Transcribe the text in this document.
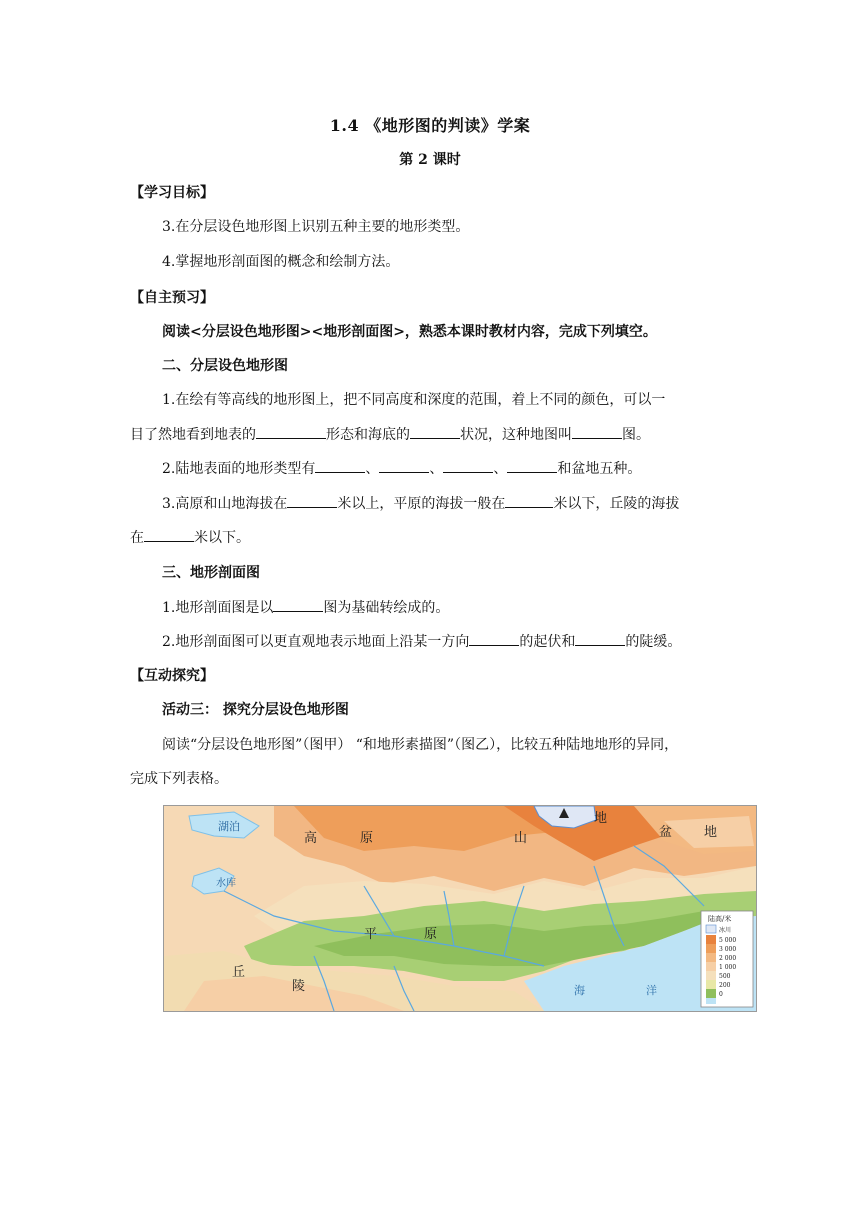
1.4 《地形图的判读》学案
第 2 课时
【学习目标】
3.在分层设色地形图上识别五种主要的地形类型。
4.掌握地形剖面图的概念和绘制方法。
【自主预习】
阅读<分层设色地形图><地形剖面图>，熟悉本课时教材内容，完成下列填空。
二、分层设色地形图
1.在绘有等高线的地形图上，把不同高度和深度的范围，着上不同的颜色，可以一
目了然地看到地表的	形态和海底的	状况，这种地图叫	图。
2.陆地表面的地形类型有	、	、	、	和盆地五种。
3.高原和山地海拔在	米以上，平原的海拔一般在	米以下，丘陵的海拔
在	米以下。
三、地形剖面图
1.地形剖面图是以	图为基础转绘成的。
2.地形剖面图可以更直观地表示地面上沿某一方向	的起伏和	的陡缓。
【互动探究】
活动三： 探究分层设色地形图
阅读“分层设色地形图”（图甲） “和地形素描图”（图乙），比较五种陆地地形的异同，
完成下列表格。
湖泊
高	原	山
地
盆 地
水库
平	原
丘
陵	海	洋
陆高/米
冰川
5 000
3 000
2 000
1 000
500
200
0
